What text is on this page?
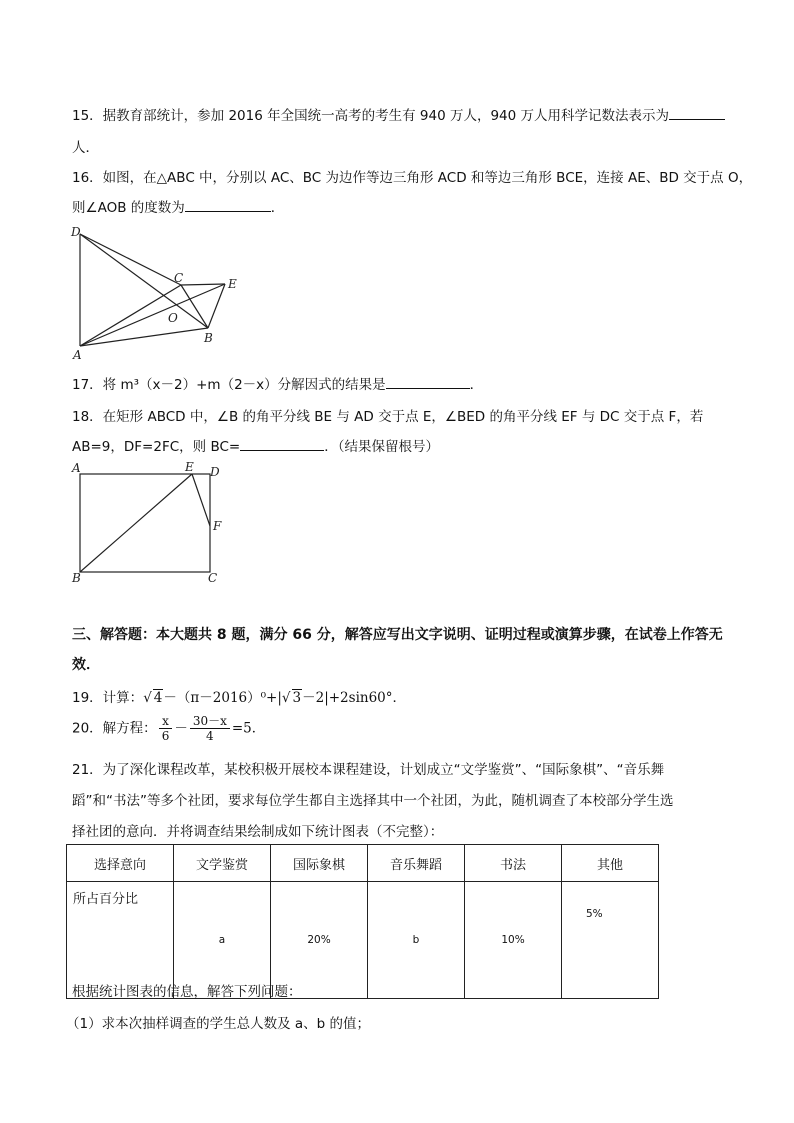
15．据教育部统计，参加 2016 年全国统一高考的考生有 940 万人，940 万人用科学记数法表示为
人．
16．如图，在△ABC 中，分别以 AC、BC 为边作等边三角形 ACD 和等边三角形 BCE，连接 AE、BD 交于点 O，
则∠AOB 的度数为	．
D
C	E
O
B
A
17．将 m³（x－2）+m（2－x）分解因式的结果是	．
18．在矩形 ABCD 中，∠B 的角平分线 BE 与 AD 交于点 E，∠BED 的角平分线 EF 与 DC 交于点 F，若
AB=9，DF=2FC，则 BC=	．（结果保留根号）
A	E D
F
B	C
三、解答题：本大题共 8 题，满分 66 分，解答应写出文字说明、证明过程或演算步骤，在试卷上作答无
效．
19．计算：√ 4－（π－2016）⁰+|√ 3－2|+2sin60°．
20．解方程： $\frac{x}{6} - \frac{30-x}{4} =5$．
21．为了深化课程改革，某校积极开展校本课程建设，计划成立“文学鉴赏”、“国际象棋”、“音乐舞
蹈”和“书法”等多个社团，要求每位学生都自主选择其中一个社团，为此，随机调查了本校部分学生选
择社团的意向．并将调查结果绘制成如下统计图表（不完整）：
选择意向	文学鉴赏	国际象棋	音乐舞蹈	书法	其他
所占百分比	a	20%	b	10%	5%
根据统计图表的信息，解答下列问题：
（1）求本次抽样调查的学生总人数及 a、b 的值；
